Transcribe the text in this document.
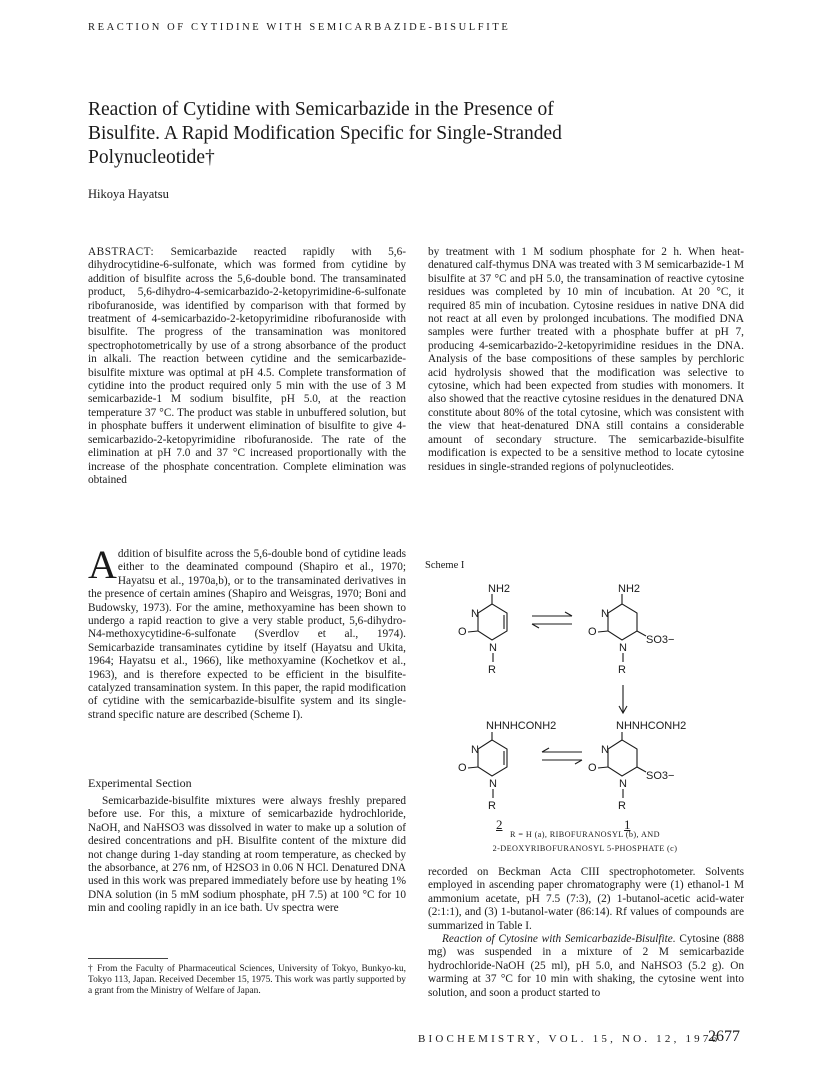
REACTION OF CYTIDINE WITH SEMICARBAZIDE-BISULFITE
Reaction of Cytidine with Semicarbazide in the Presence of Bisulfite. A Rapid Modification Specific for Single-Stranded Polynucleotide†
Hikoya Hayatsu

ABSTRACT: Semicarbazide reacted rapidly with 5,6-dihydrocytidine-6-sulfonate, which was formed from cytidine by addition of bisulfite across the 5,6-double bond. The transaminated product, 5,6-dihydro-4-semicarbazido-2-ketopyrimidine-6-sulfonate ribofuranoside, was identified by comparison with that formed by treatment of 4-semicarbazido-2-ketopyrimidine ribofuranoside with bisulfite. The progress of the transamination was monitored spectrophotometrically by use of a strong absorbance of the product in alkali. The reaction between cytidine and the semicarbazide-bisulfite mixture was optimal at pH 4.5. Complete transformation of cytidine into the product required only 5 min with the use of 3 M semicarbazide-1 M sodium bisulfite, pH 5.0, at the reaction temperature 37 °C. The product was stable in unbuffered solution, but in phosphate buffers it underwent elimination of bisulfite to give 4-semicarbazido-2-ketopyrimidine ribofuranoside. The rate of the elimination at pH 7.0 and 37 °C increased proportionally with the increase of the phosphate concentration. Complete elimination was obtained

by treatment with 1 M sodium phosphate for 2 h. When heat-denatured calf-thymus DNA was treated with 3 M semicarbazide-1 M bisulfite at 37 °C and pH 5.0, the transamination of reactive cytosine residues was completed by 10 min of incubation. At 20 °C, it required 85 min of incubation. Cytosine residues in native DNA did not react at all even by prolonged incubations. The modified DNA samples were further treated with a phosphate buffer at pH 7, producing 4-semicarbazido-2-ketopyrimidine residues in the DNA. Analysis of the base compositions of these samples by perchloric acid hydrolysis showed that the modification was selective to cytosine, which had been expected from studies with monomers. It also showed that the reactive cytosine residues in the denatured DNA constitute about 80% of the total cytosine, which was consistent with the view that heat-denatured DNA still contains a considerable amount of secondary structure. The semicarbazide-bisulfite modification is expected to be a sensitive method to locate cytosine residues in single-stranded regions of polynucleotides.

Addition of bisulfite across the 5,6-double bond of cytidine leads either to the deaminated compound (Shapiro et al., 1970; Hayatsu et al., 1970a,b), or to the transaminated derivatives in the presence of certain amines (Shapiro and Weisgras, 1970; Boni and Budowsky, 1973). For the amine, methoxyamine has been shown to undergo a rapid reaction to give a very stable product, 5,6-dihydro-N4-methoxycytidine-6-sulfonate (Sverdlov et al., 1974). Semicarbazide transaminates cytidine by itself (Hayatsu and Ukita, 1964; Hayatsu et al., 1966), like methoxyamine (Kochetkov et al., 1963), and is therefore expected to be efficient in the bisulfite-catalyzed transamination system. In this paper, the rapid modification of cytidine with the semicarbazide-bisulfite system and its single-strand specific nature are described (Scheme I).

Experimental Section

Semicarbazide-bisulfite mixtures were always freshly prepared before use. For this, a mixture of semicarbazide hydrochloride, NaOH, and NaHSO3 was dissolved in water to make up a solution of desired concentrations and pH. Bisulfite content of the mixture did not change during 1-day standing at room temperature, as checked by the absorbance, at 276 nm, of H2SO3 in 0.06 N HCl. Denatured DNA used in this work was prepared immediately before use by heating 1% DNA solution (in 5 mM sodium phosphate, pH 7.5) at 100 °C for 10 min and cooling rapidly in an ice bath. Uv spectra were

† From the Faculty of Pharmaceutical Sciences, University of Tokyo, Bunkyo-ku, Tokyo 113, Japan. Received December 15, 1975. This work was partly supported by a grant from the Ministry of Welfare of Japan.
Scheme I
NH2
N
O
N
R
NH2
N
O
N
SO3−
R
NHNHCONH2
N
O
N
R
NHNHCONH2
N
O
N
SO3−
R
2	1
R = H (a), RIBOFURANOSYL (b), AND
2-DEOXYRIBOFURANOSYL 5-PHOSPHATE (c)

recorded on Beckman Acta CIII spectrophotometer. Solvents employed in ascending paper chromatography were (1) ethanol-1 M ammonium acetate, pH 7.5 (7:3), (2) 1-butanol-acetic acid-water (2:1:1), and (3) 1-butanol-water (86:14). Rf values of compounds are summarized in Table I.

Reaction of Cytosine with Semicarbazide-Bisulfite. Cytosine (888 mg) was suspended in a mixture of 2 M semicarbazide hydrochloride-NaOH (25 ml), pH 5.0, and NaHSO3 (5.2 g). On warming at 37 °C for 10 min with shaking, the cytosine went into solution, and soon a product started to

BIOCHEMISTRY, VOL. 15, NO. 12, 1976
2677
